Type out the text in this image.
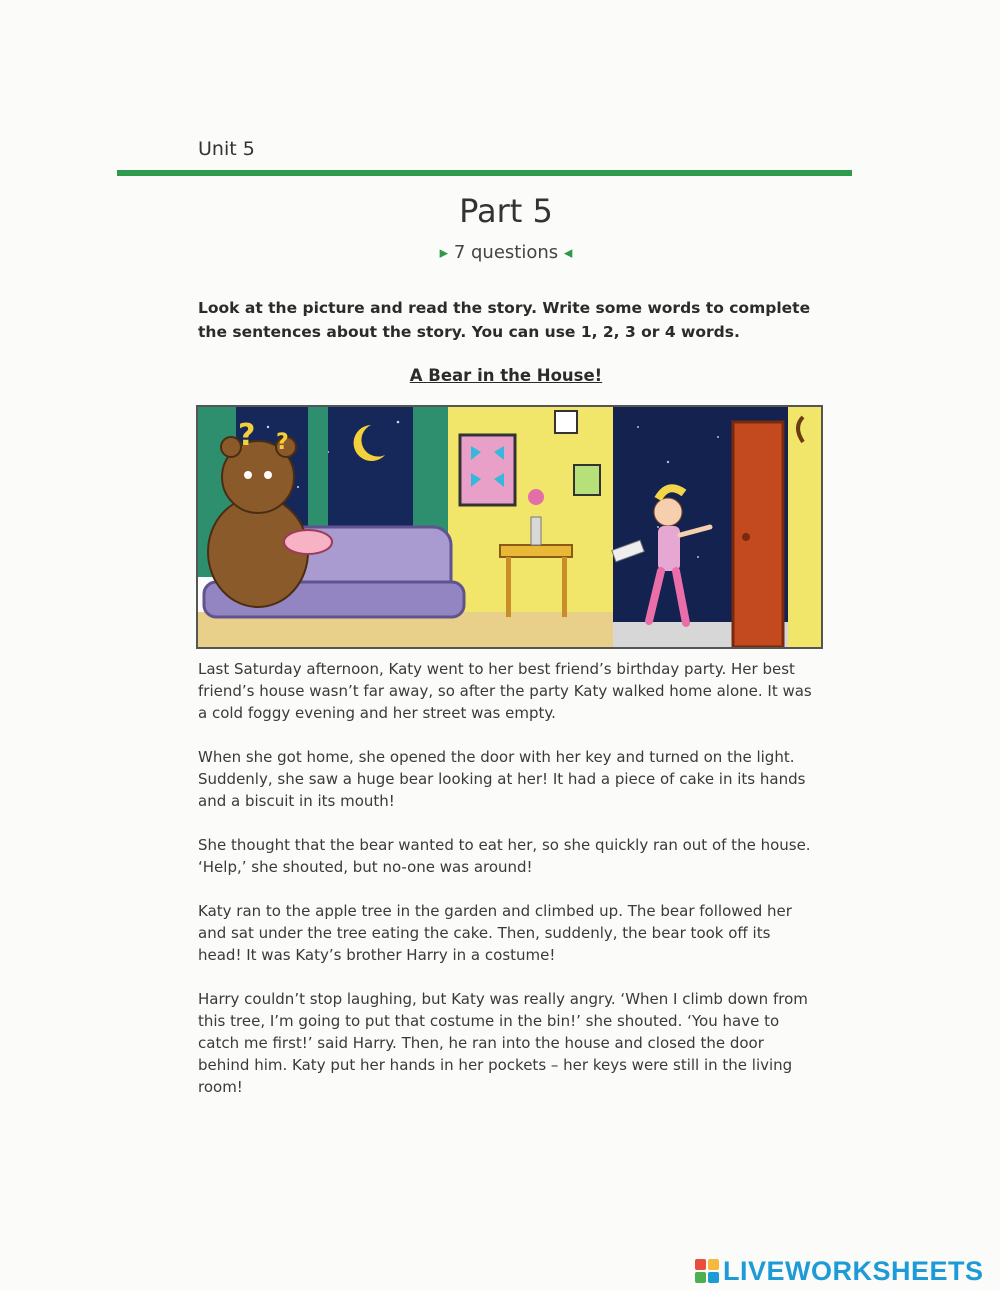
Unit 5
Part 5
▶ 7 questions ◀
Look at the picture and read the story. Write some words to complete the sentences about the story. You can use 1, 2, 3 or 4 words.
A Bear in the House!
? ?

Last Saturday afternoon, Katy went to her best friend’s birthday party. Her best friend’s house wasn’t far away, so after the party Katy walked home alone. It was a cold foggy evening and her street was empty.

When she got home, she opened the door with her key and turned on the light. Suddenly, she saw a huge bear looking at her! It had a piece of cake in its hands and a biscuit in its mouth!

She thought that the bear wanted to eat her, so she quickly ran out of the house. ‘Help,’ she shouted, but no-one was around!

Katy ran to the apple tree in the garden and climbed up. The bear followed her and sat under the tree eating the cake. Then, suddenly, the bear took off its head! It was Katy’s brother Harry in a costume!

Harry couldn’t stop laughing, but Katy was really angry. ‘When I climb down from this tree, I’m going to put that costume in the bin!’ she shouted. ‘You have to catch me first!’ said Harry. Then, he ran into the house and closed the door behind him. Katy put her hands in her pockets – her keys were still in the living room!

LIVEWORKSHEETS
